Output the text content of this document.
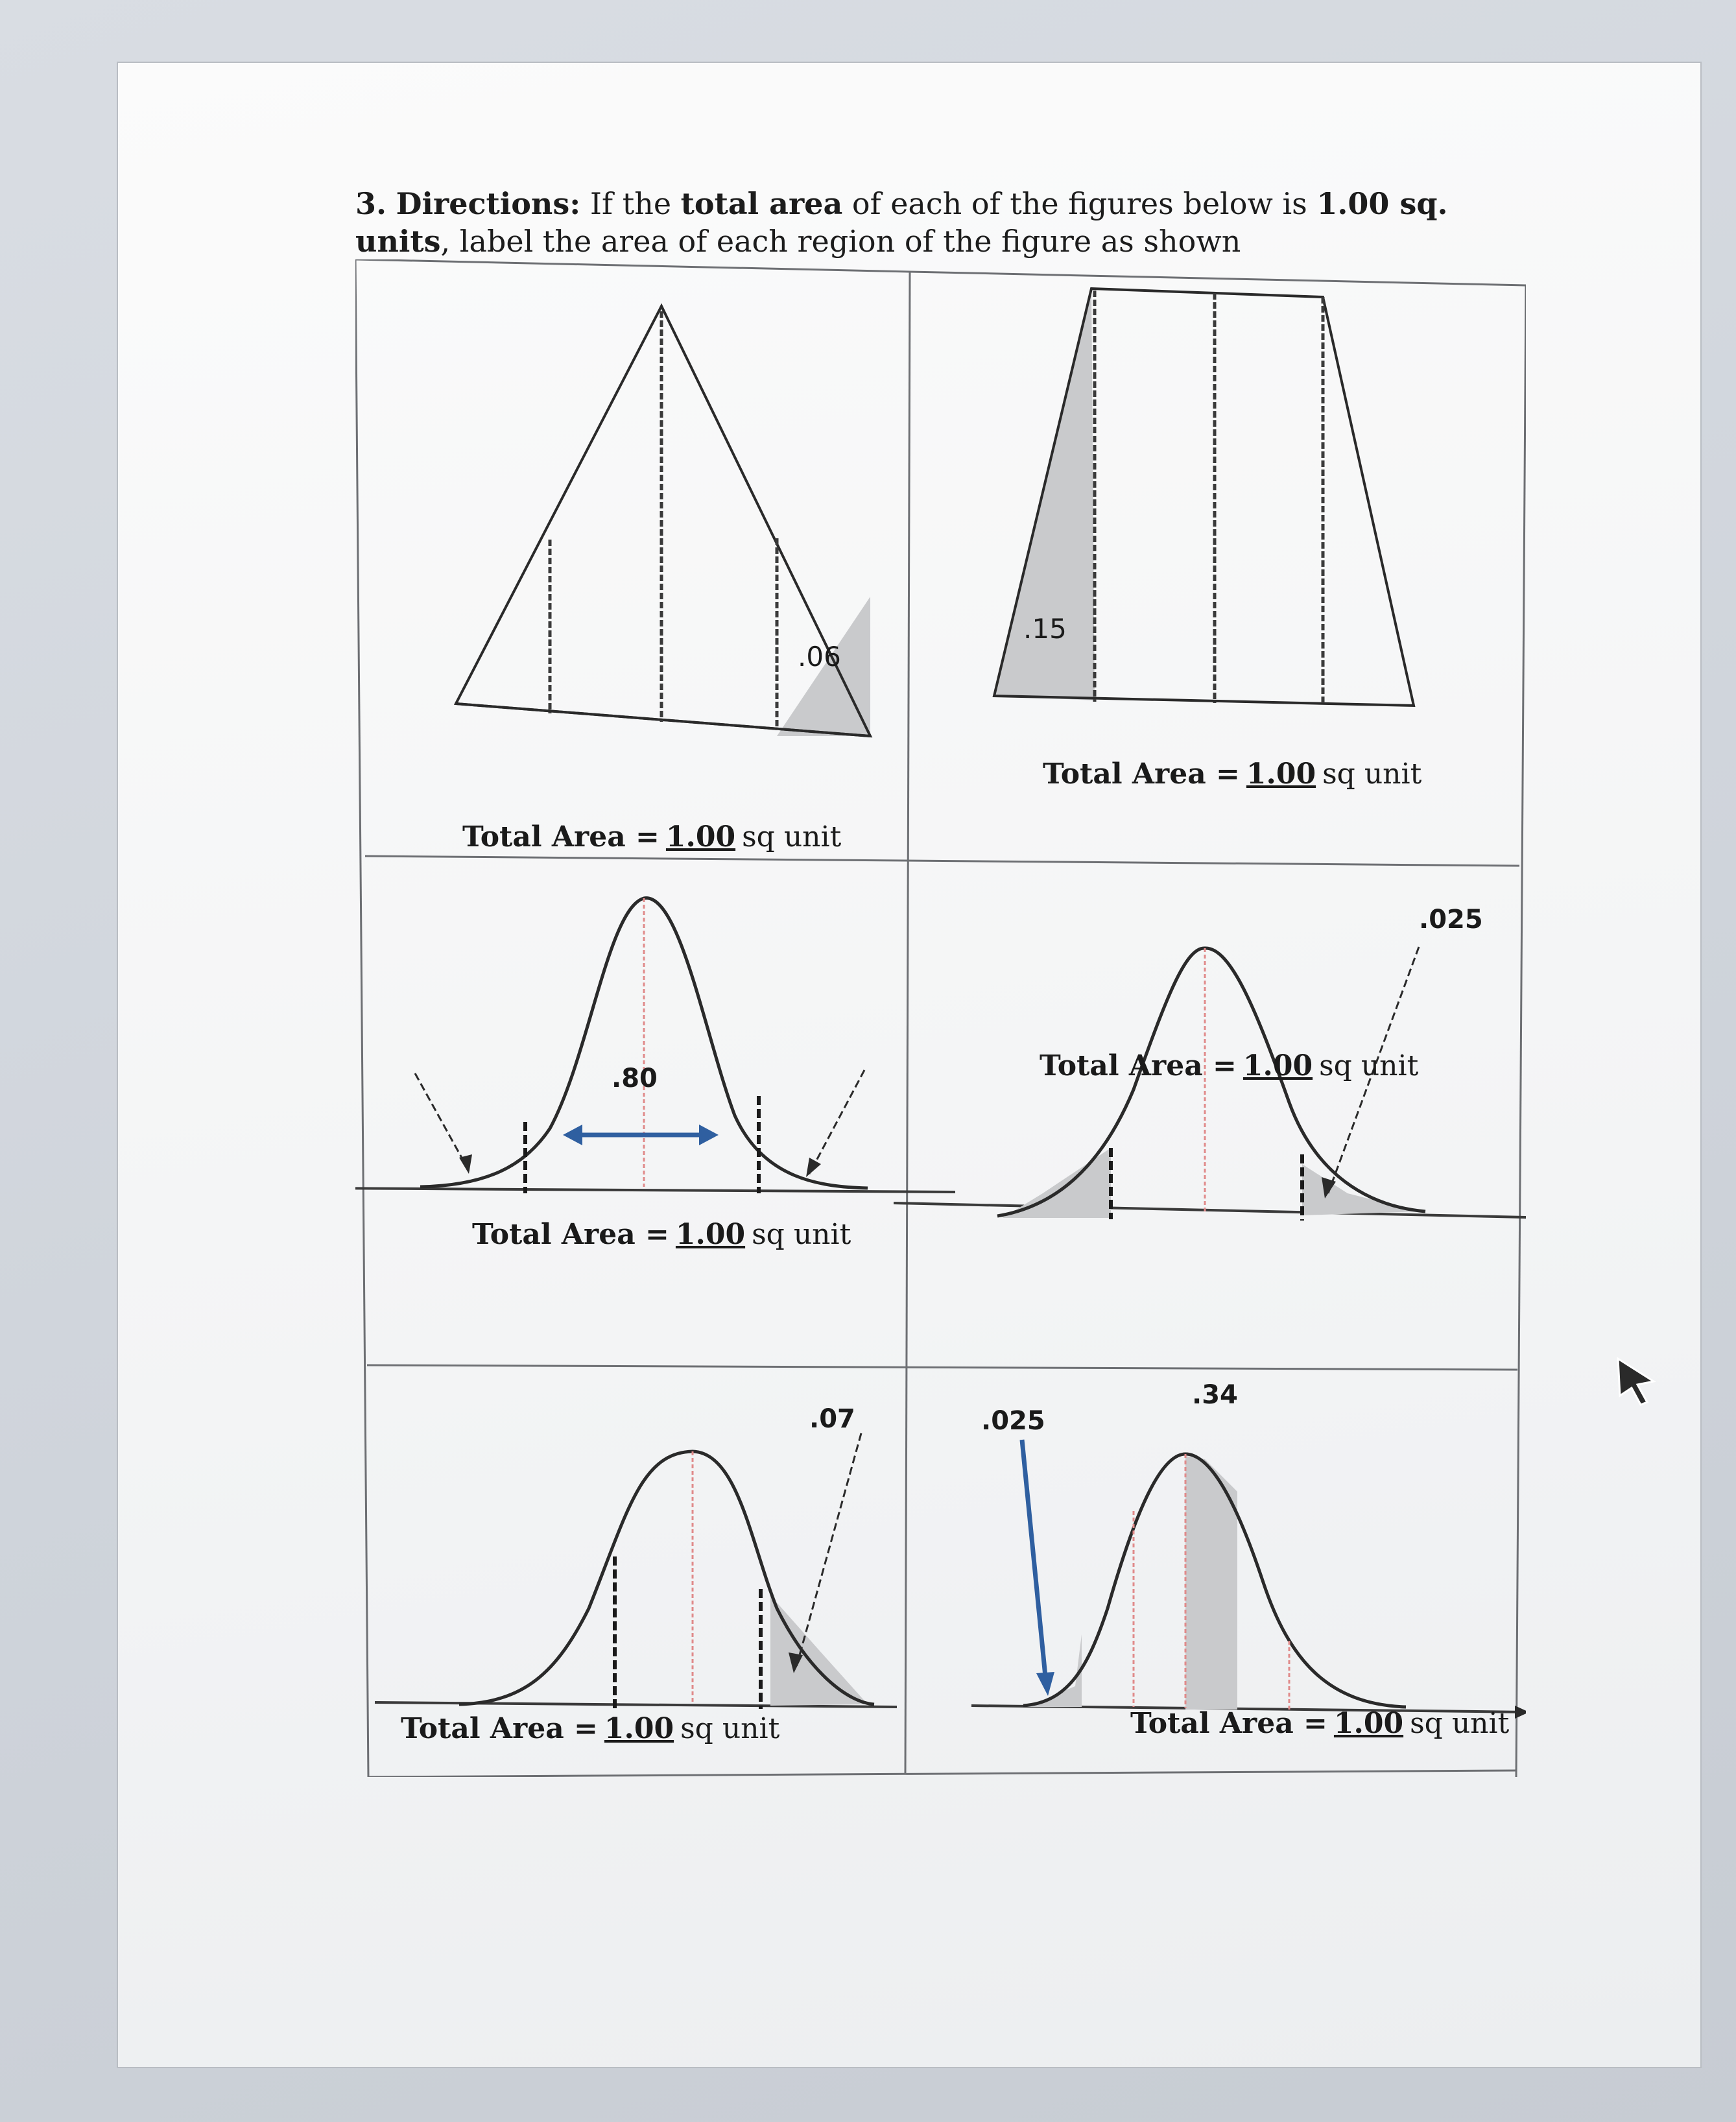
3. Directions: If the total area of each of the figures below is 1.00 sq. units, label the area of each region of the figure as shown
.06
.15
.80
.025
.07	.025
.34
Total Area = 1.00 sq unit
Total Area = 1.00 sq unit
Total Area = 1.00 sq unit
Total Area = 1.00 sq unit
Total Area = 1.00 sq unit	Total Area = 1.00 sq unit
